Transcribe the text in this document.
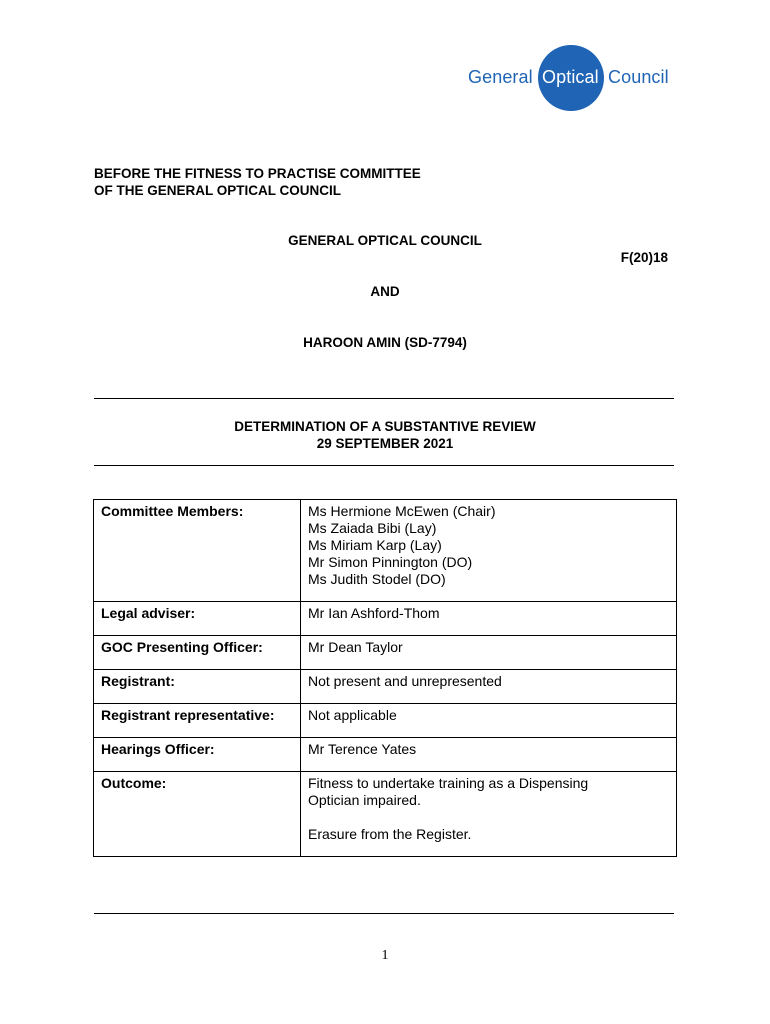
General Optical Council
BEFORE THE FITNESS TO PRACTISE COMMITTEE
OF THE GENERAL OPTICAL COUNCIL
GENERAL OPTICAL COUNCIL
F(20)18
AND
HAROON AMIN (SD-7794)
DETERMINATION OF A SUBSTANTIVE REVIEW
29 SEPTEMBER 2021
Committee Members:	Ms Hermione McEwen (Chair)
Ms Zaiada Bibi (Lay)
Ms Miriam Karp (Lay)
Mr Simon Pinnington (DO)
Ms Judith Stodel (DO)

Legal adviser:	Mr Ian Ashford-Thom
GOC Presenting Officer:	Mr Dean Taylor
Registrant:	Not present and unrepresented
Registrant representative:	Not applicable
Hearings Officer:	Mr Terence Yates
Outcome:	Fitness to undertake training as a Dispensing
Optician impaired.
Erasure from the Register.
1
